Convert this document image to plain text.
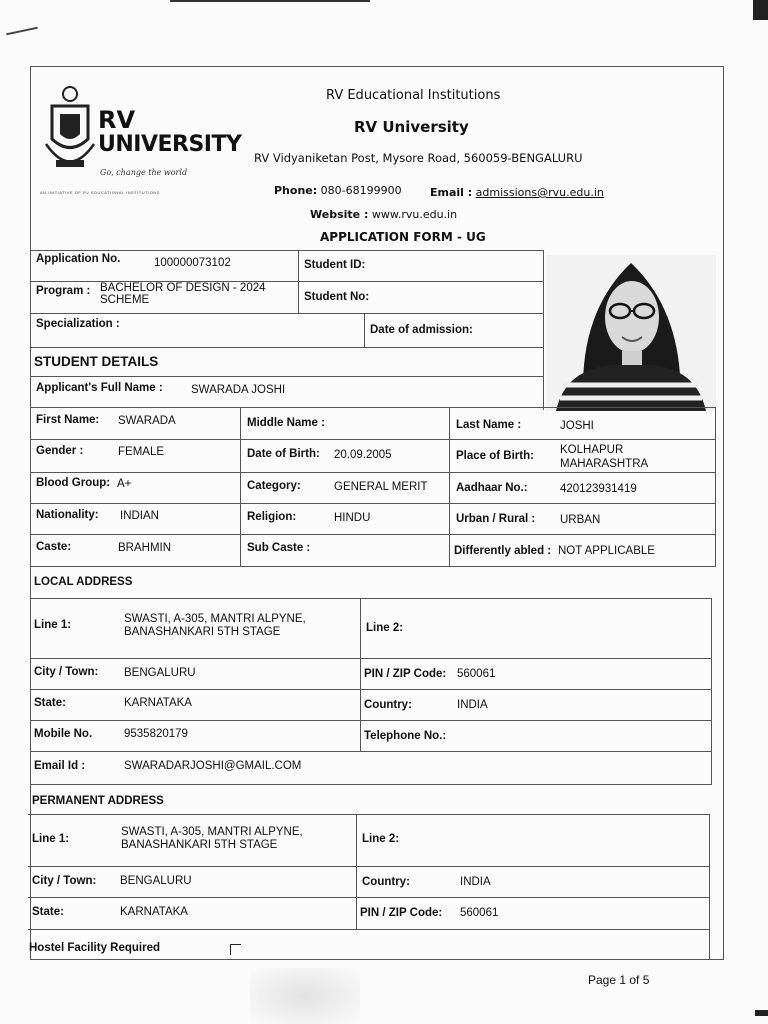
RV
UNIVERSITY
Go, change the world
AN INITIATIVE OF RV EDUCATIONAL INSTITUTIONS
RV Educational Institutions
RV University
RV Vidyaniketan Post, Mysore Road, 560059-BENGALURU
Phone: 080-68199900	Email : admissions@rvu.edu.in
Website : www.rvu.edu.in
APPLICATION FORM - UG
Application No.	100000073102	Student ID:
Program : BACHELOR OF DESIGN - 2024
SCHEME	Student No:
Specialization :	Date of admission:
STUDENT DETAILS
Applicant's Full Name : SWARADA JOSHI
First Name: SWARADA	Middle Name :	Last Name :	JOSHI
Gender :	FEMALE	Date of Birth: 20.09.2005	Place of Birth: KOLHAPUR
MAHARASHTRA
Blood Group: A+	Category:	GENERAL MERIT Aadhaar No.:	420123931419
Nationality: INDIAN	Religion:	HINDU	Urban / Rural : URBAN
Caste:	BRAHMIN	Sub Caste :	Differently abled : NOT APPLICABLE
LOCAL ADDRESS
Line 1:	SWASTI, A-305, MANTRI ALPYNE,
BANASHANKARI 5TH STAGE	Line 2:
City / Town: BENGALURU	PIN / ZIP Code: 560061
State:	KARNATAKA	Country:	INDIA
Mobile No.	9535820179	Telephone No.:
Email Id :	SWARADARJOSHI@GMAIL.COM
PERMANENT ADDRESS
Line 1:
SWASTI, A-305, MANTRI ALPYNE,
BANASHANKARI 5TH STAGE	Line 2:
City / Town: BENGALURU	Country:	INDIA
State:	KARNATAKA	PIN / ZIP Code: 560061
Hostel Facility Required
Page 1 of 5
